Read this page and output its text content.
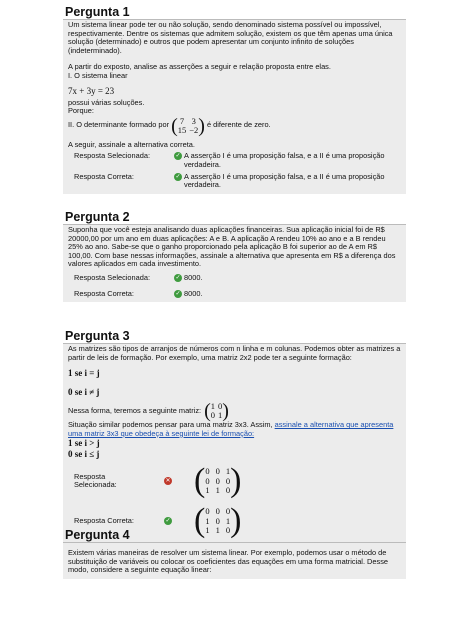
Pergunta 1

Um sistema linear pode ter ou não solução, sendo denominado sistema possível ou impossível, respectivamente. Dentre os sistemas que admitem solução, existem os que têm apenas uma única solução (determinado) e outros que podem apresentar um conjunto infinito de soluções (indeterminado).

A partir do exposto, analise as asserções a seguir e relação proposta entre elas.

I. O sistema linear

7x + 3y = 23

possui várias soluções.

Porque:

II. O determinante formado por ( 7 3
15 −2 ) é diferente de zero.

A seguir, assinale a alternativa correta.

Resposta Selecionada:	✓ A asserção I é uma proposição falsa, e a II é uma proposição verdadeira.
Resposta Correta:	✓ A asserção I é uma proposição falsa, e a II é uma proposição verdadeira.
Pergunta 2

Suponha que você esteja analisando duas aplicações financeiras. Sua aplicação inicial foi de R$ 20000,00 por um ano em duas aplicações: A e B. A aplicação A rendeu 10% ao ano e a B rendeu 25% ao ano. Sabe-se que o ganho proporcionado pela aplicação B foi superior ao de A em R$ 100,00. Com base nessas informações, assinale a alternativa que apresenta em R$ a diferença dos valores aplicados em cada investimento.

Resposta Selecionada:	✓ 8000.
Resposta Correta:	✓ 8000.
Pergunta 3

As matrizes são tipos de arranjos de números com n linha e m colunas. Podemos obter as matrizes a partir de leis de formação. Por exemplo, uma matriz 2x2 pode ter a seguinte formação:

1 se i = j

0 se i ≠ j

Nessa forma, teremos a seguinte matriz: ( 1 0
0 1 )

Situação similar podemos pensar para uma matriz 3x3. Assim, assinale a alternativa que apresenta uma matriz 3x3 que obedeça à seguinte lei de formação:

1 se i > j

0 se i ≤ j

Resposta Selecionada:	✕ ( 0 0 1
0 0 0
1 1 0 )
Resposta Correta:	✓ ( 0 0 0
1 0 1
1 1 0 )
Pergunta 4

Existem várias maneiras de resolver um sistema linear. Por exemplo, podemos usar o método de substituição de variáveis ou colocar os coeficientes das equações em uma forma matricial. Desse modo, considere a seguinte equação linear:
